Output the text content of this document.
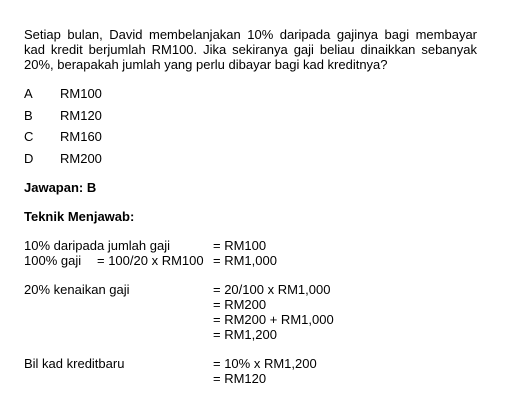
Setiap bulan, David membelanjakan 10% daripada gajinya bagi membayar kad kredit berjumlah RM100. Jika sekiranya gaji beliau dinaikkan sebanyak 20%, berapakah jumlah yang perlu dibayar bagi kad kreditnya?
A RM100
B RM120
C RM160
D RM200
Jawapan: B
Teknik Menjawab:
10% daripada jumlah gaji	= RM100
100% gaji = 100/20 x RM100 = RM1,000
20% kenaikan gaji	= 20/100 x RM1,000
= RM200
= RM200 + RM1,000
= RM1,200
Bil kad kreditbaru	= 10% x RM1,200
= RM120
